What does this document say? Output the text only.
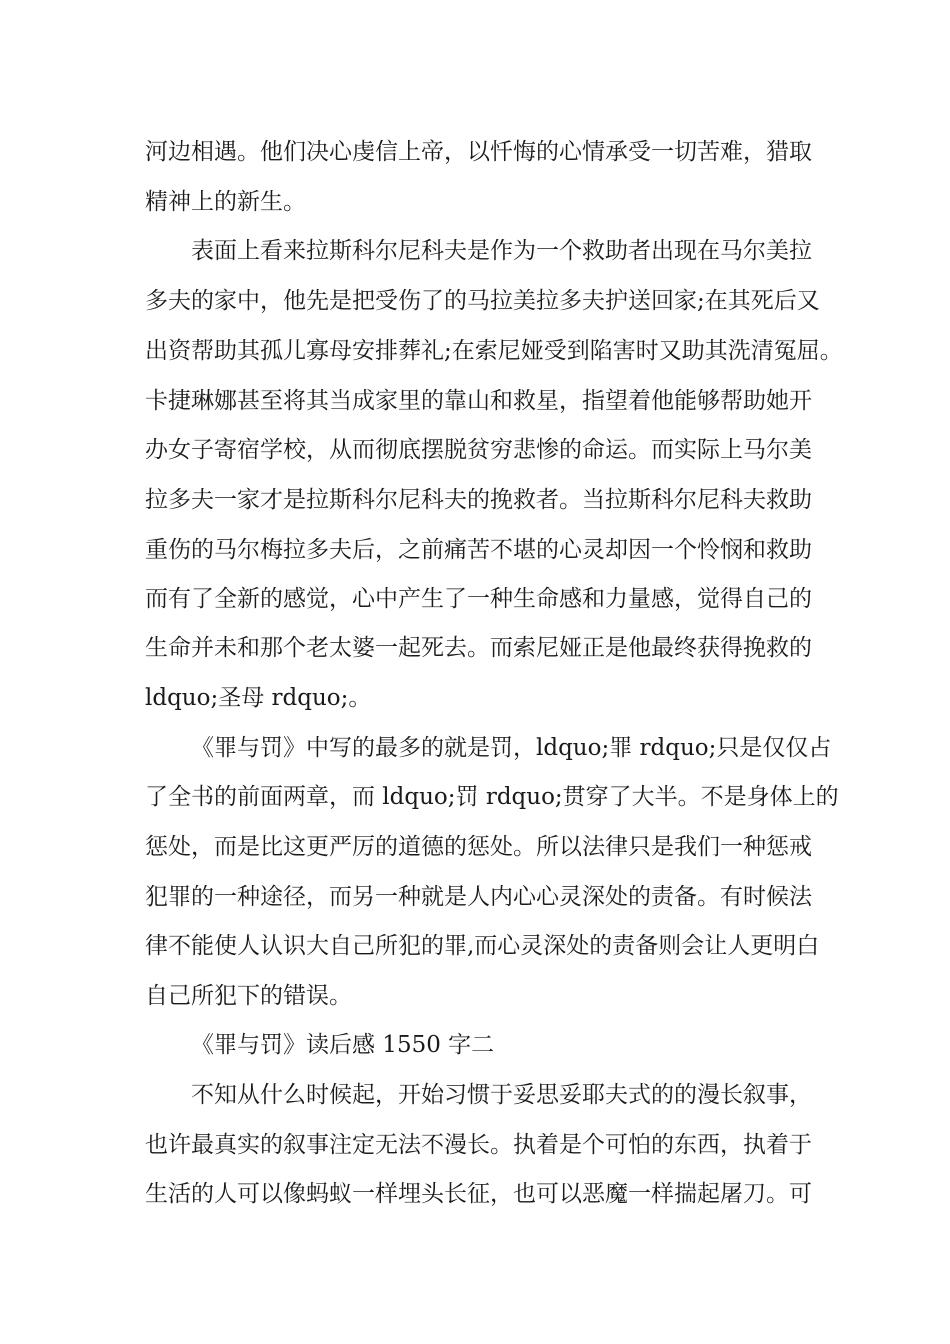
河边相遇。他们决心虔信上帝，以忏悔的心情承受一切苦难，猎取

精神上的新生。

表面上看来拉斯科尔尼科夫是作为一个救助者出现在马尔美拉

多夫的家中，他先是把受伤了的马拉美拉多夫护送回家;在其死后又

出资帮助其孤儿寡母安排葬礼;在索尼娅受到陷害时又助其洗清冤屈。

卡捷琳娜甚至将其当成家里的靠山和救星，指望着他能够帮助她开

办女子寄宿学校，从而彻底摆脱贫穷悲惨的命运。而实际上马尔美

拉多夫一家才是拉斯科尔尼科夫的挽救者。当拉斯科尔尼科夫救助

重伤的马尔梅拉多夫后，之前痛苦不堪的心灵却因一个怜悯和救助

而有了全新的感觉，心中产生了一种生命感和力量感，觉得自己的

生命并未和那个老太婆一起死去。而索尼娅正是他最终获得挽救的

ldquo;圣母 rdquo;。

《罪与罚》中写的最多的就是罚，ldquo;罪 rdquo;只是仅仅占

了全书的前面两章，而 ldquo;罚 rdquo;贯穿了大半。不是身体上的

惩处，而是比这更严厉的道德的惩处。所以法律只是我们一种惩戒

犯罪的一种途径，而另一种就是人内心心灵深处的责备。有时候法

律不能使人认识大自己所犯的罪,而心灵深处的责备则会让人更明白

自己所犯下的错误。

《罪与罚》读后感 1550 字二

不知从什么时候起，开始习惯于妥思妥耶夫式的的漫长叙事，

也许最真实的叙事注定无法不漫长。执着是个可怕的东西，执着于

生活的人可以像蚂蚁一样埋头长征，也可以恶魔一样揣起屠刀。可
